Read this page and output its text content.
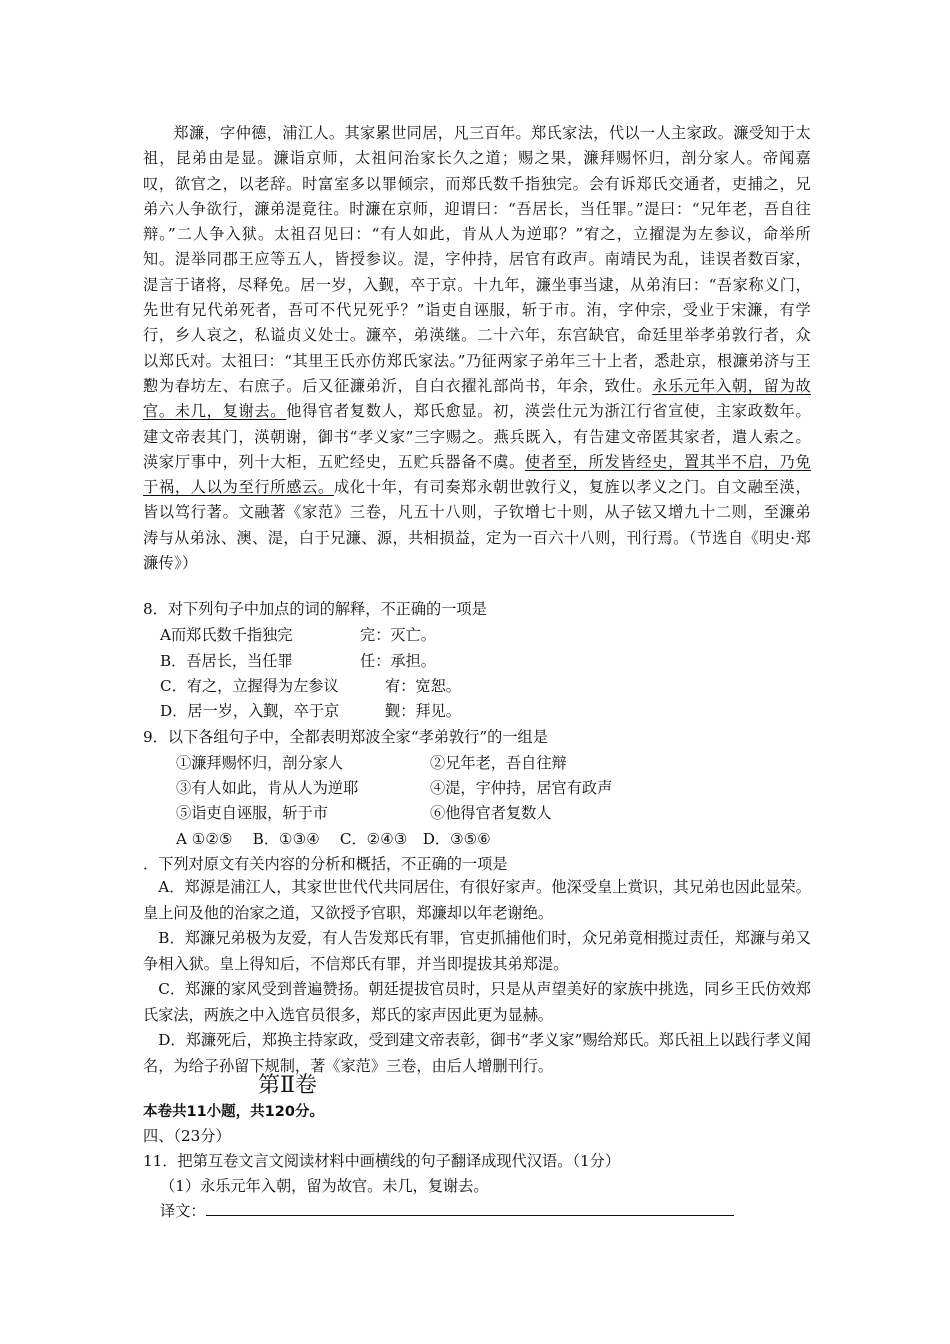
郑濂，字仲德，浦江人。其家累世同居，凡三百年。郑氏家法，代以一人主家政。濂受知于太祖，昆弟由是显。濂诣京师，太祖问治家长久之道；赐之果，濂拜赐怀归，剖分家人。帝闻嘉叹，欲官之，以老辞。时富室多以罪倾宗，而郑氏数千指独完。会有诉郑氏交通者，吏捕之，兄弟六人争欲行，濂弟湜竟往。时濂在京师，迎谓曰：“吾居长，当任罪。”湜曰：“兄年老，吾自往辩。”二人争入狱。太祖召见曰：“有人如此，肯从人为逆耶？”宥之，立擢湜为左参议，命举所知。湜举同郡王应等五人，皆授参议。湜，字仲持，居官有政声。南靖民为乱，诖误者数百家，湜言于诸将，尽释免。居一岁，入觐，卒于京。十九年，濂坐事当逮，从弟洧曰：“吾家称义门，先世有兄代弟死者，吾可不代兄死乎？”诣吏自诬服，斩于市。洧，字仲宗，受业于宋濂，有学行，乡人哀之，私谥贞义处士。濂卒，弟渶继。二十六年，东宫缺官，命廷里举孝弟敦行者，众以郑氏对。太祖曰：“其里王氏亦仿郑氏家法。”乃征两家子弟年三十上者，悉赴京，根濂弟济与王懃为春坊左、右庶子。后又征濂弟沂，自白衣擢礼部尚书，年余，致仕。永乐元年入朝，留为故官。未几，复谢去。他得官者复数人，郑氏愈显。初，渶尝仕元为浙江行省宣使，主家政数年。建文帝表其门，渶朝谢，御书“孝义家”三字赐之。燕兵既入，有告建文帝匿其家者，遣人索之。渶家厅事中，列十大柜，五贮经史，五贮兵器备不虞。使者至，所发皆经史，置其半不启，乃免于祸，人以为至行所感云。成化十年，有司奏郑永朝世敦行义，复旌以孝义之门。自文融至渶，皆以笃行著。文融著《家范》三卷，凡五十八则，子钦增七十则，从子铉又增九十二则，至濂弟涛与从弟泳、澳、湜，白于兄濂、源，共相损益，定为一百六十八则，刊行焉。（节选自《明史·郑濂传》）

8．对下列句子中加点的词的解释，不正确的一项是
A而郑氏数千指独完	完：灭亡。
B．吾居长，当任罪	任：承担。
C．宥之，立握得为左参议	宥：宽恕。
D．居一岁，入觐，卒于京	觐：拜见。
9．以下各组句子中，全都表明郑波全家“孝弟敦行”的一组是
①濂拜赐怀归，剖分家人	②兄年老，吾自往辩
③有人如此，肯从人为逆耶	④湜，宇仲持，居官有政声
⑤诣吏自诬服，斩于市	⑥他得官者复数人
A ①②⑤　 B．①③④　 C．②④③　D．③⑤⑥
．下列对原文有关内容的分析和概括，不正确的一项是

A．郑源是浦江人，其家世世代代共同居住，有很好家声。他深受皇上赏识，其兄弟也因此显荣。皇上问及他的治家之道，又欲授予官职，郑濂却以年老谢绝。

B．郑濂兄弟极为友爱，有人告发郑氏有罪，官吏抓捕他们时，众兄弟竟相揽过责任，郑濂与弟又争相入狱。皇上得知后，不信郑氏有罪，并当即提拔其弟郑湜。

C．郑濂的家风受到普遍赞扬。朝廷提拔官员时，只是从声望美好的家族中挑选，同乡王氏仿效郑氏家法，两族之中入选官员很多，郑氏的家声因此更为显赫。

D．郑濂死后，郑换主持家政，受到建文帝表彰，御书“孝义家”赐给郑氏。郑氏祖上以践行孝义闻名，为给子孙留下规制，著《家范》三卷，由后人增删刊行。

第Ⅱ卷
本卷共11小题，共120分。
四、（23分）
11．把第互卷文言文阅读材料中画横线的句子翻译成现代汉语。（1分）
（1）永乐元年入朝，留为故官。未几，复谢去。
译文：
